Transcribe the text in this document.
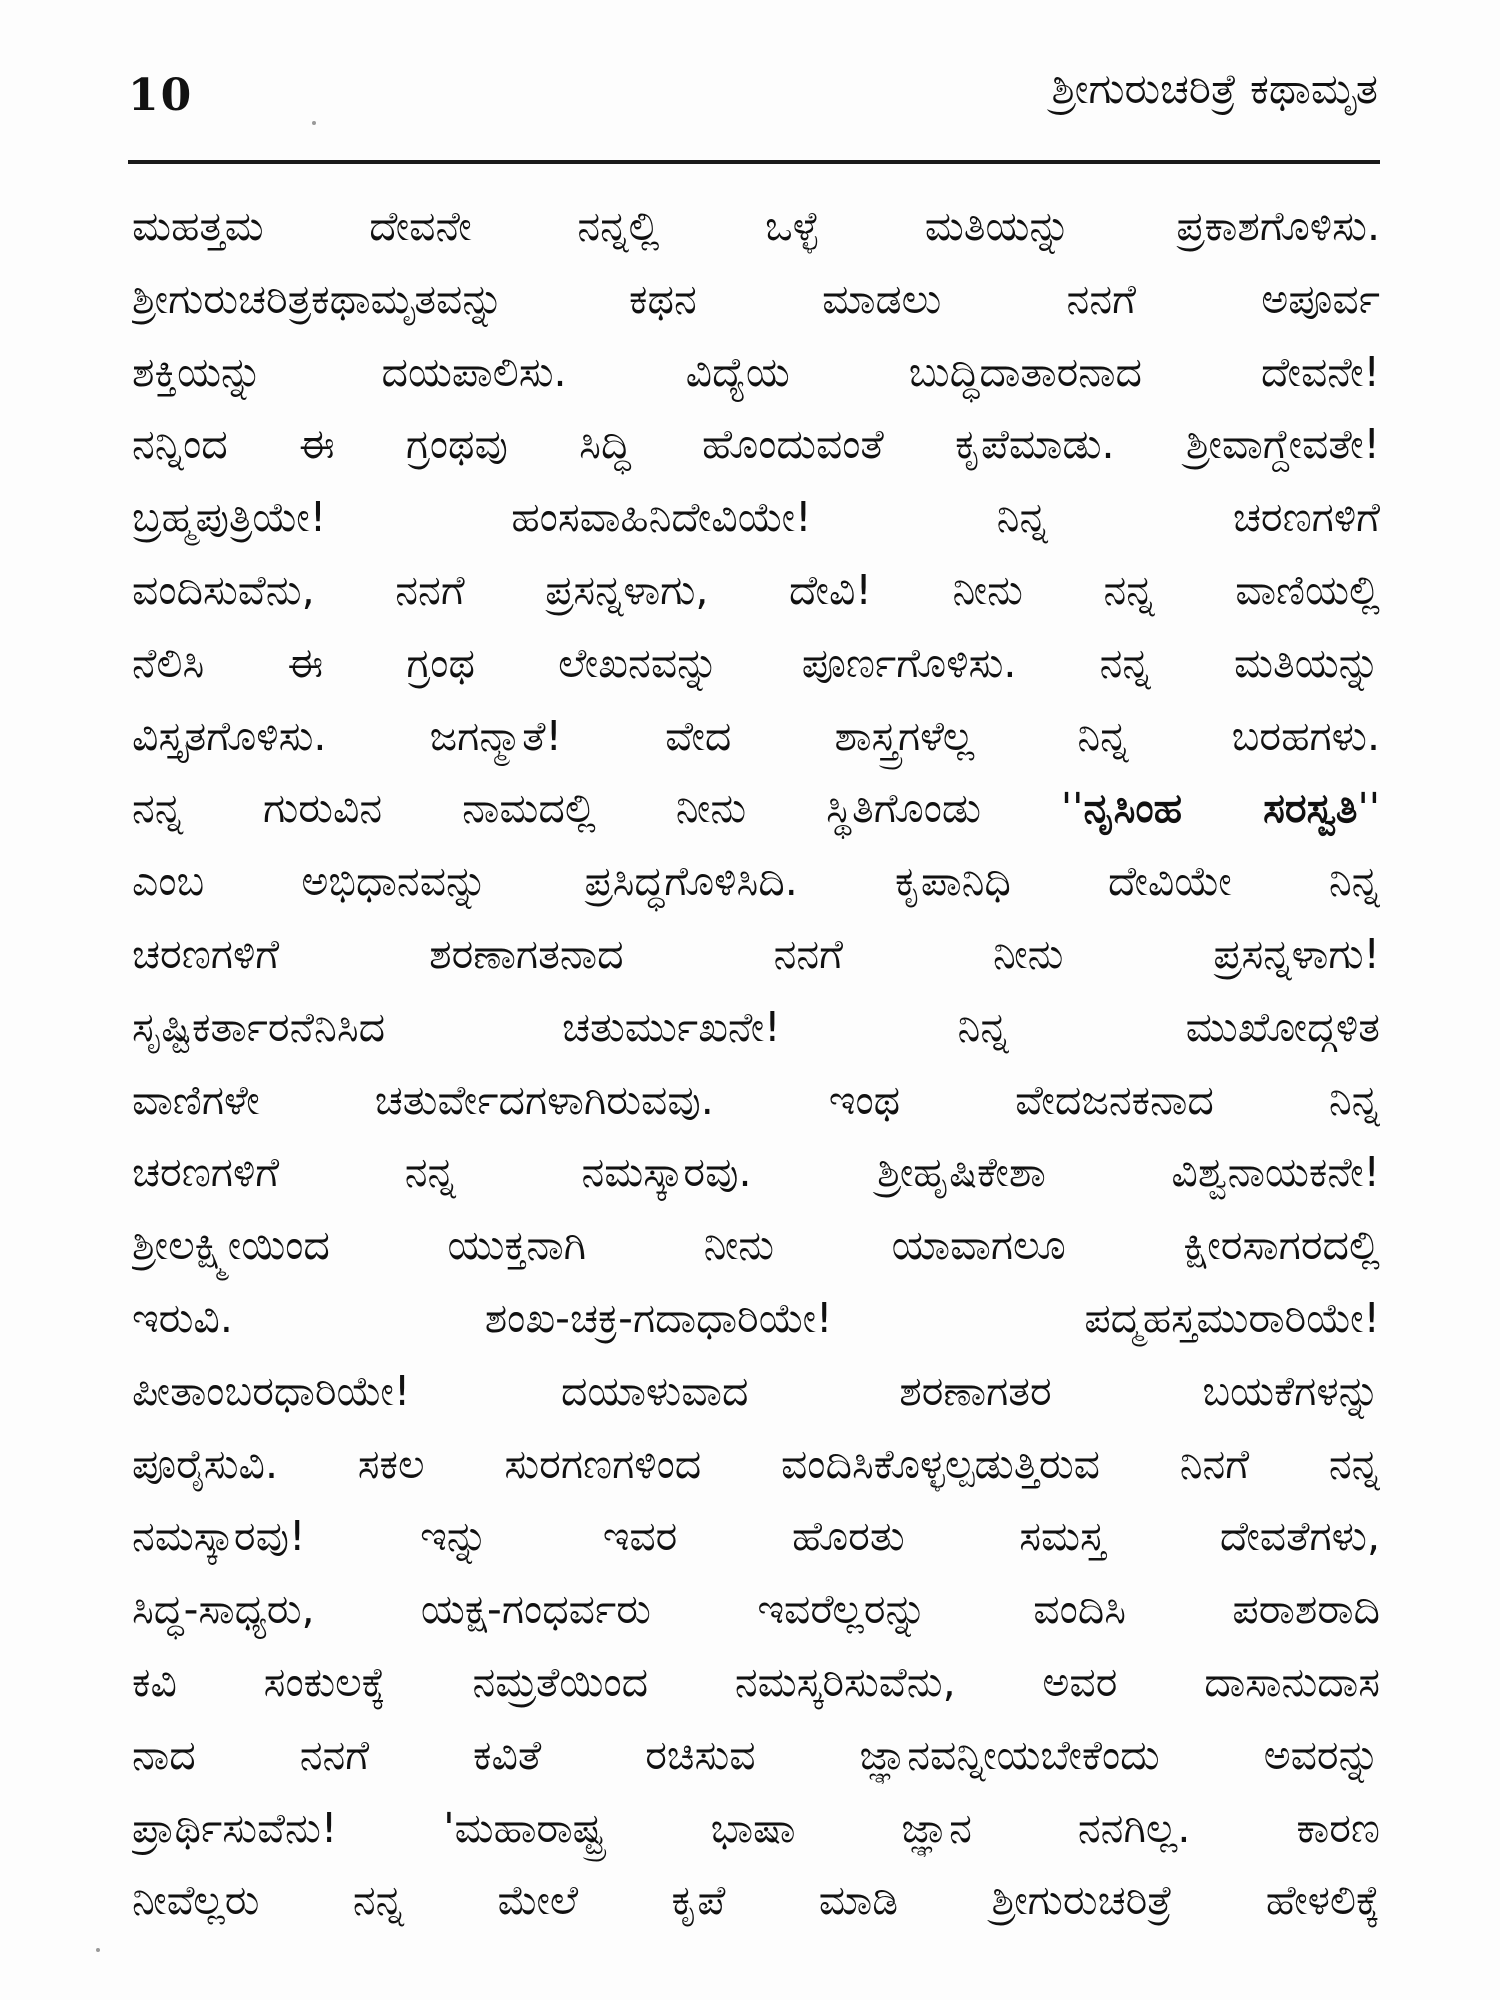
10	ಶ್ರೀಗುರುಚರಿತ್ರೆ ಕಥಾಮೃತ
ಮಹತ್ತಮ ದೇವನೇ ನನ್ನಲ್ಲಿ ಒಳ್ಳೆ ಮತಿಯನ್ನು ಪ್ರಕಾಶಗೊಳಿಸು.
ಶ್ರೀಗುರುಚರಿತ್ರಕಥಾಮೃತವನ್ನು ಕಥನ ಮಾಡಲು ನನಗೆ ಅಪೂರ್ವ
ಶಕ್ತಿಯನ್ನು ದಯಪಾಲಿಸು. ವಿದ್ಯೆಯ ಬುದ್ಧಿದಾತಾರನಾದ ದೇವನೇ!
ನನ್ನಿಂದ ಈ ಗ್ರಂಥವು ಸಿದ್ಧಿ ಹೊಂದುವಂತೆ ಕೃಪೆಮಾಡು. ಶ್ರೀವಾಗ್ದೇವತೇ!
ಬ್ರಹ್ಮಪುತ್ರಿಯೇ! ಹಂಸವಾಹಿನಿದೇವಿಯೇ! ನಿನ್ನ ಚರಣಗಳಿಗೆ
ವಂದಿಸುವೆನು, ನನಗೆ ಪ್ರಸನ್ನಳಾಗು, ದೇವಿ! ನೀನು ನನ್ನ ವಾಣಿಯಲ್ಲಿ
ನೆಲಿಸಿ ಈ ಗ್ರಂಥ ಲೇಖನವನ್ನು ಪೂರ್ಣಗೊಳಿಸು. ನನ್ನ ಮತಿಯನ್ನು
ವಿಸ್ತೃತಗೊಳಿಸು. ಜಗನ್ಮಾತೆ! ವೇದ ಶಾಸ್ತ್ರಗಳೆಲ್ಲ ನಿನ್ನ ಬರಹಗಳು.
ನನ್ನ ಗುರುವಿನ ನಾಮದಲ್ಲಿ ನೀನು ಸ್ಥಿತಿಗೊಂಡು ''ನೃಸಿಂಹ ಸರಸ್ವತಿ''
ಎಂಬ ಅಭಿಧಾನವನ್ನು ಪ್ರಸಿದ್ಧಗೊಳಿಸಿದಿ. ಕೃಪಾನಿಧಿ ದೇವಿಯೇ ನಿನ್ನ
ಚರಣಗಳಿಗೆ ಶರಣಾಗತನಾದ ನನಗೆ ನೀನು ಪ್ರಸನ್ನಳಾಗು!
ಸೃಷ್ಟಿಕರ್ತಾರನೆನಿಸಿದ ಚತುರ್ಮುಖನೇ! ನಿನ್ನ ಮುಖೋದ್ಗಳಿತ
ವಾಣಿಗಳೇ ಚತುರ್ವೇದಗಳಾಗಿರುವವು. ಇಂಥ ವೇದಜನಕನಾದ ನಿನ್ನ
ಚರಣಗಳಿಗೆ ನನ್ನ ನಮಸ್ಕಾರವು. ಶ್ರೀಹೃಷಿಕೇಶಾ ವಿಶ್ವನಾಯಕನೇ!
ಶ್ರೀಲಕ್ಷ್ಮೀಯಿಂದ ಯುಕ್ತನಾಗಿ ನೀನು ಯಾವಾಗಲೂ ಕ್ಷೀರಸಾಗರದಲ್ಲಿ
ಇರುವಿ. ಶಂಖ-ಚಕ್ರ-ಗದಾಧಾರಿಯೇ! ಪದ್ಮಹಸ್ತಮುರಾರಿಯೇ!
ಪೀತಾಂಬರಧಾರಿಯೇ! ದಯಾಳುವಾದ ಶರಣಾಗತರ ಬಯಕೆಗಳನ್ನು
ಪೂರೈಸುವಿ. ಸಕಲ ಸುರಗಣಗಳಿಂದ ವಂದಿಸಿಕೊಳ್ಳಲ್ಪಡುತ್ತಿರುವ ನಿನಗೆ ನನ್ನ
ನಮಸ್ಕಾರವು! ಇನ್ನು ಇವರ ಹೊರತು ಸಮಸ್ತ ದೇವತೆಗಳು,
ಸಿದ್ಧ-ಸಾಧ್ಯರು, ಯಕ್ಷ-ಗಂಧರ್ವರು ಇವರೆಲ್ಲರನ್ನು ವಂದಿಸಿ ಪರಾಶರಾದಿ
ಕವಿ ಸಂಕುಲಕ್ಕೆ ನಮ್ರತೆಯಿಂದ ನಮಸ್ಕರಿಸುವೆನು, ಅವರ ದಾಸಾನುದಾಸ
ನಾದ ನನಗೆ ಕವಿತೆ ರಚಿಸುವ ಜ್ಞಾನವನ್ನೀಯಬೇಕೆಂದು ಅವರನ್ನು
ಪ್ರಾರ್ಥಿಸುವೆನು! 'ಮಹಾರಾಷ್ಟ್ರ ಭಾಷಾ ಜ್ಞಾನ ನನಗಿಲ್ಲ. ಕಾರಣ
ನೀವೆಲ್ಲರು ನನ್ನ ಮೇಲೆ ಕೃಪೆ ಮಾಡಿ ಶ್ರೀಗುರುಚರಿತ್ರೆ ಹೇಳಲಿಕ್ಕೆ
